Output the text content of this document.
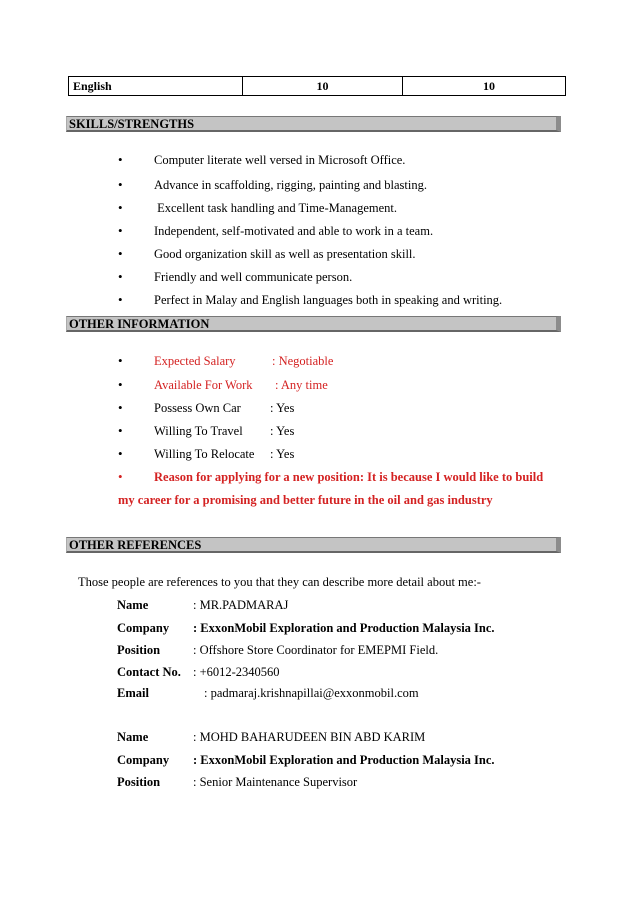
English	10	10
SKILLS/STRENGTHS
•	Computer literate well versed in Microsoft Office.
•	Advance in scaffolding, rigging, painting and blasting.
•	Excellent task handling and Time-Management.
•	Independent, self-motivated and able to work in a team.
•	Good organization skill as well as presentation skill.
•	Friendly and well communicate person.
•	Perfect in Malay and English languages both in speaking and writing.
OTHER INFORMATION
•	Expected Salary	: Negotiable
•	Available For Work : Any time
•	Possess Own Car : Yes
•	Willing To Travel : Yes
•	Willing To Relocate : Yes
•	Reason for applying for a new position: It is because I would like to build
my career for a promising and better future in the oil and gas industry
OTHER REFERENCES
Those people are references to you that they can describe more detail about me:-
Name	: MR.PADMARAJ
Company : ExxonMobil Exploration and Production Malaysia Inc.
Position	: Offshore Store Coordinator for EMEPMI Field.
Contact No. : +6012-2340560
Email	: padmaraj.krishnapillai@exxonmobil.com
Name	: MOHD BAHARUDEEN BIN ABD KARIM
Company : ExxonMobil Exploration and Production Malaysia Inc.
Position	: Senior Maintenance Supervisor
